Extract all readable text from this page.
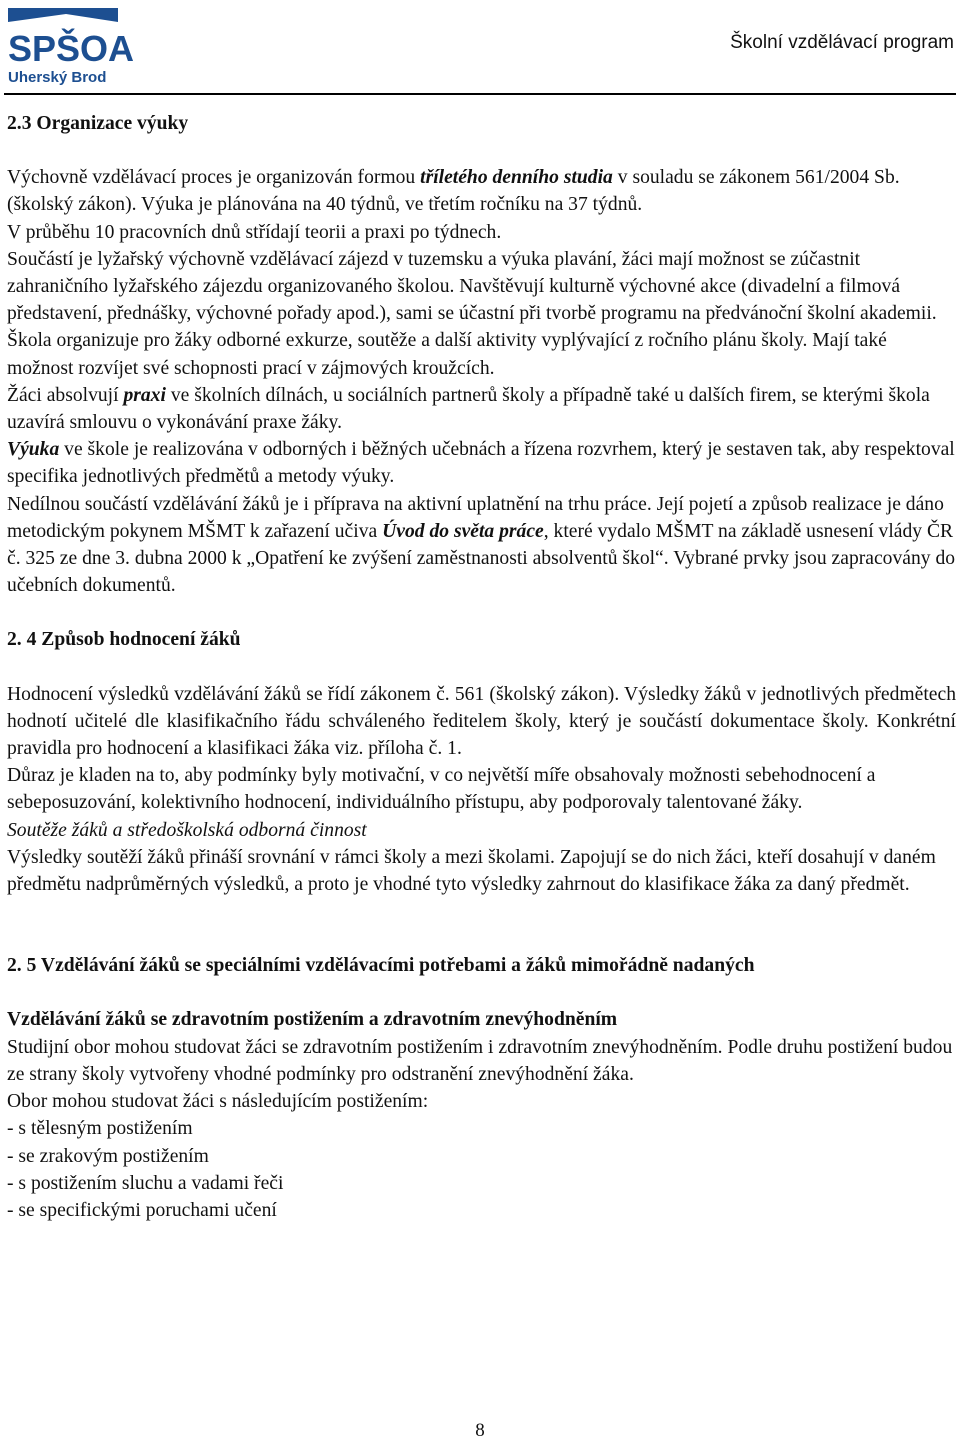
SPŠOA
Uherský Brod
Školní vzdělávací program

2.3 Organizace výuky

Výchovně vzdělávací proces je organizován formou tříletého denního studia v souladu se zákonem 561/2004 Sb. (školský zákon). Výuka je plánována na 40 týdnů, ve třetím ročníku na 37 týdnů.

V průběhu 10 pracovních dnů střídají teorii a praxi po týdnech.

Součástí je lyžařský výchovně vzdělávací zájezd v tuzemsku a výuka plavání, žáci mají možnost se zúčastnit zahraničního lyžařského zájezdu organizovaného školou. Navštěvují kulturně výchovné akce (divadelní a filmová představení, přednášky, výchovné pořady apod.), sami se účastní při tvorbě programu na předvánoční školní akademii. Škola organizuje pro žáky odborné exkurze, soutěže a další aktivity vyplývající z ročního plánu školy. Mají také možnost rozvíjet své schopnosti prací v zájmových kroužcích.

Žáci absolvují praxi ve školních dílnách, u sociálních partnerů školy a případně také u dalších firem, se kterými škola uzavírá smlouvu o vykonávání praxe žáky.

Výuka ve škole je realizována v odborných i běžných učebnách a řízena rozvrhem, který je sestaven tak, aby respektoval specifika jednotlivých předmětů a metody výuky.

Nedílnou součástí vzdělávání žáků je i příprava na aktivní uplatnění na trhu práce. Její pojetí a způsob realizace je dáno metodickým pokynem MŠMT k zařazení učiva Úvod do světa práce, které vydalo MŠMT na základě usnesení vlády ČR č. 325 ze dne 3. dubna 2000 k „Opatření ke zvýšení zaměstnanosti absolventů škol“. Vybrané prvky jsou zapracovány do učebních dokumentů.

2. 4 Způsob hodnocení žáků

Hodnocení výsledků vzdělávání žáků se řídí zákonem č. 561 (školský zákon). Výsledky žáků v jednotlivých předmětech hodnotí učitelé dle klasifikačního řádu schváleného ředitelem školy, který je součástí dokumentace školy. Konkrétní pravidla pro hodnocení a klasifikaci žáka viz. příloha č. 1.

Důraz je kladen na to, aby podmínky byly motivační, v co největší míře obsahovaly možnosti sebehodnocení a sebeposuzování, kolektivního hodnocení, individuálního přístupu, aby podporovaly talentované žáky.

Soutěže žáků a středoškolská odborná činnost

Výsledky soutěží žáků přináší srovnání v rámci školy a mezi školami. Zapojují se do nich žáci, kteří dosahují v daném předmětu nadprůměrných výsledků, a proto je vhodné tyto výsledky zahrnout do klasifikace žáka za daný předmět.

2. 5 Vzdělávání žáků se speciálními vzdělávacími potřebami a žáků mimořádně nadaných

Vzdělávání žáků se zdravotním postižením a zdravotním znevýhodněním

Studijní obor mohou studovat žáci se zdravotním postižením i zdravotním znevýhodněním. Podle druhu postižení budou ze strany školy vytvořeny vhodné podmínky pro odstranění znevýhodnění žáka.

Obor mohou studovat žáci s následujícím postižením:

- s tělesným postižením

- se zrakovým postižením

- s postižením sluchu a vadami řeči

- se specifickými poruchami učení

8
